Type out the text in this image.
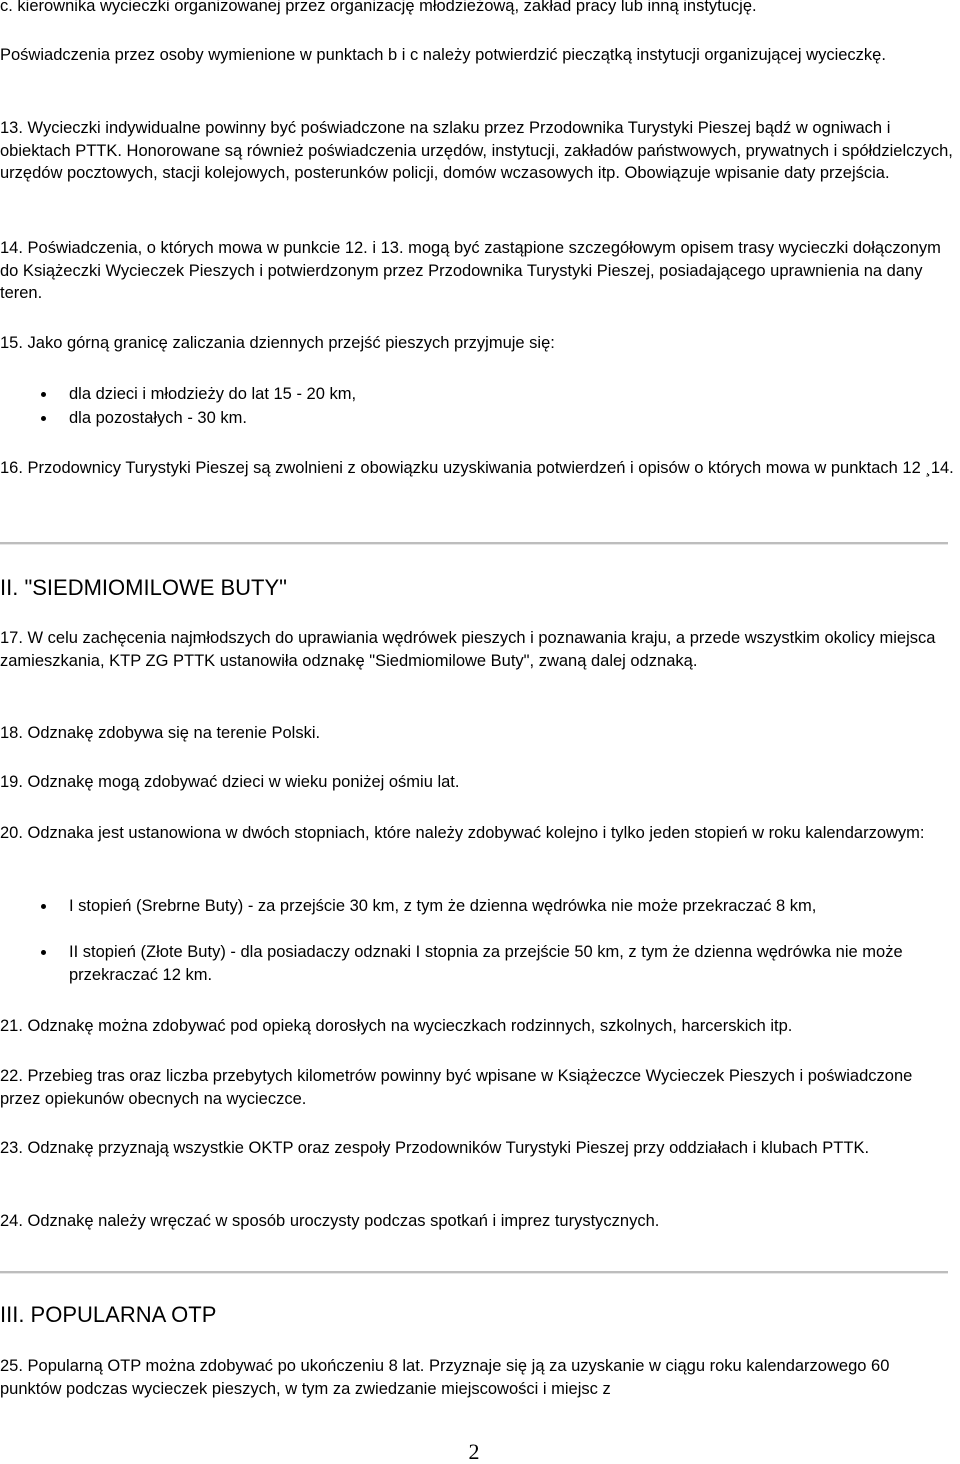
c. kierownika wycieczki organizowanej przez organizację młodzieżową, zakład pracy lub inną instytucję.

Poświadczenia przez osoby wymienione w punktach b i c należy potwierdzić pieczątką instytucji organizującej wycieczkę.

13. Wycieczki indywidualne powinny być poświadczone na szlaku przez Przodownika Turystyki Pieszej bądź w ogniwach i obiektach PTTK. Honorowane są również poświadczenia urzędów, instytucji, zakładów państwowych, prywatnych i spółdzielczych, urzędów pocztowych, stacji kolejowych, posterunków policji, domów wczasowych itp. Obowiązuje wpisanie daty przejścia.

14. Poświadczenia, o których mowa w punkcie 12. i 13. mogą być zastąpione szczegółowym opisem trasy wycieczki dołączonym do Książeczki Wycieczek Pieszych i potwierdzonym przez Przodownika Turystyki Pieszej, posiadającego uprawnienia na dany teren.

15. Jako górną granicę zaliczania dziennych przejść pieszych przyjmuje się:

dla dzieci i młodzieży do lat 15 - 20 km,
dla pozostałych - 30 km.

16. Przodownicy Turystyki Pieszej są zwolnieni z obowiązku uzyskiwania potwierdzeń i opisów o których mowa w punktach 12 ¸14.

II. "SIEDMIOMILOWE BUTY"

17. W celu zachęcenia najmłodszych do uprawiania wędrówek pieszych i poznawania kraju, a przede wszystkim okolicy miejsca zamieszkania, KTP ZG PTTK ustanowiła odznakę "Siedmiomilowe Buty", zwaną dalej odznaką.

18. Odznakę zdobywa się na terenie Polski.

19. Odznakę mogą zdobywać dzieci w wieku poniżej ośmiu lat.

20. Odznaka jest ustanowiona w dwóch stopniach, które należy zdobywać kolejno i tylko jeden stopień w roku kalendarzowym:

I stopień (Srebrne Buty) - za przejście 30 km, z tym że dzienna wędrówka nie może przekraczać 8 km,
II stopień (Złote Buty) - dla posiadaczy odznaki I stopnia za przejście 50 km, z tym że dzienna wędrówka nie może przekraczać 12 km.

21. Odznakę można zdobywać pod opieką dorosłych na wycieczkach rodzinnych, szkolnych, harcerskich itp.

22. Przebieg tras oraz liczba przebytych kilometrów powinny być wpisane w Książeczce Wycieczek Pieszych i poświadczone przez opiekunów obecnych na wycieczce.

23. Odznakę przyznają wszystkie OKTP oraz zespoły Przodowników Turystyki Pieszej przy oddziałach i klubach PTTK.

24. Odznakę należy wręczać w sposób uroczysty podczas spotkań i imprez turystycznych.

III. POPULARNA OTP

25. Popularną OTP można zdobywać po ukończeniu 8 lat. Przyznaje się ją za uzyskanie w ciągu roku kalendarzowego 60 punktów podczas wycieczek pieszych, w tym za zwiedzanie miejscowości i miejsc z

2
